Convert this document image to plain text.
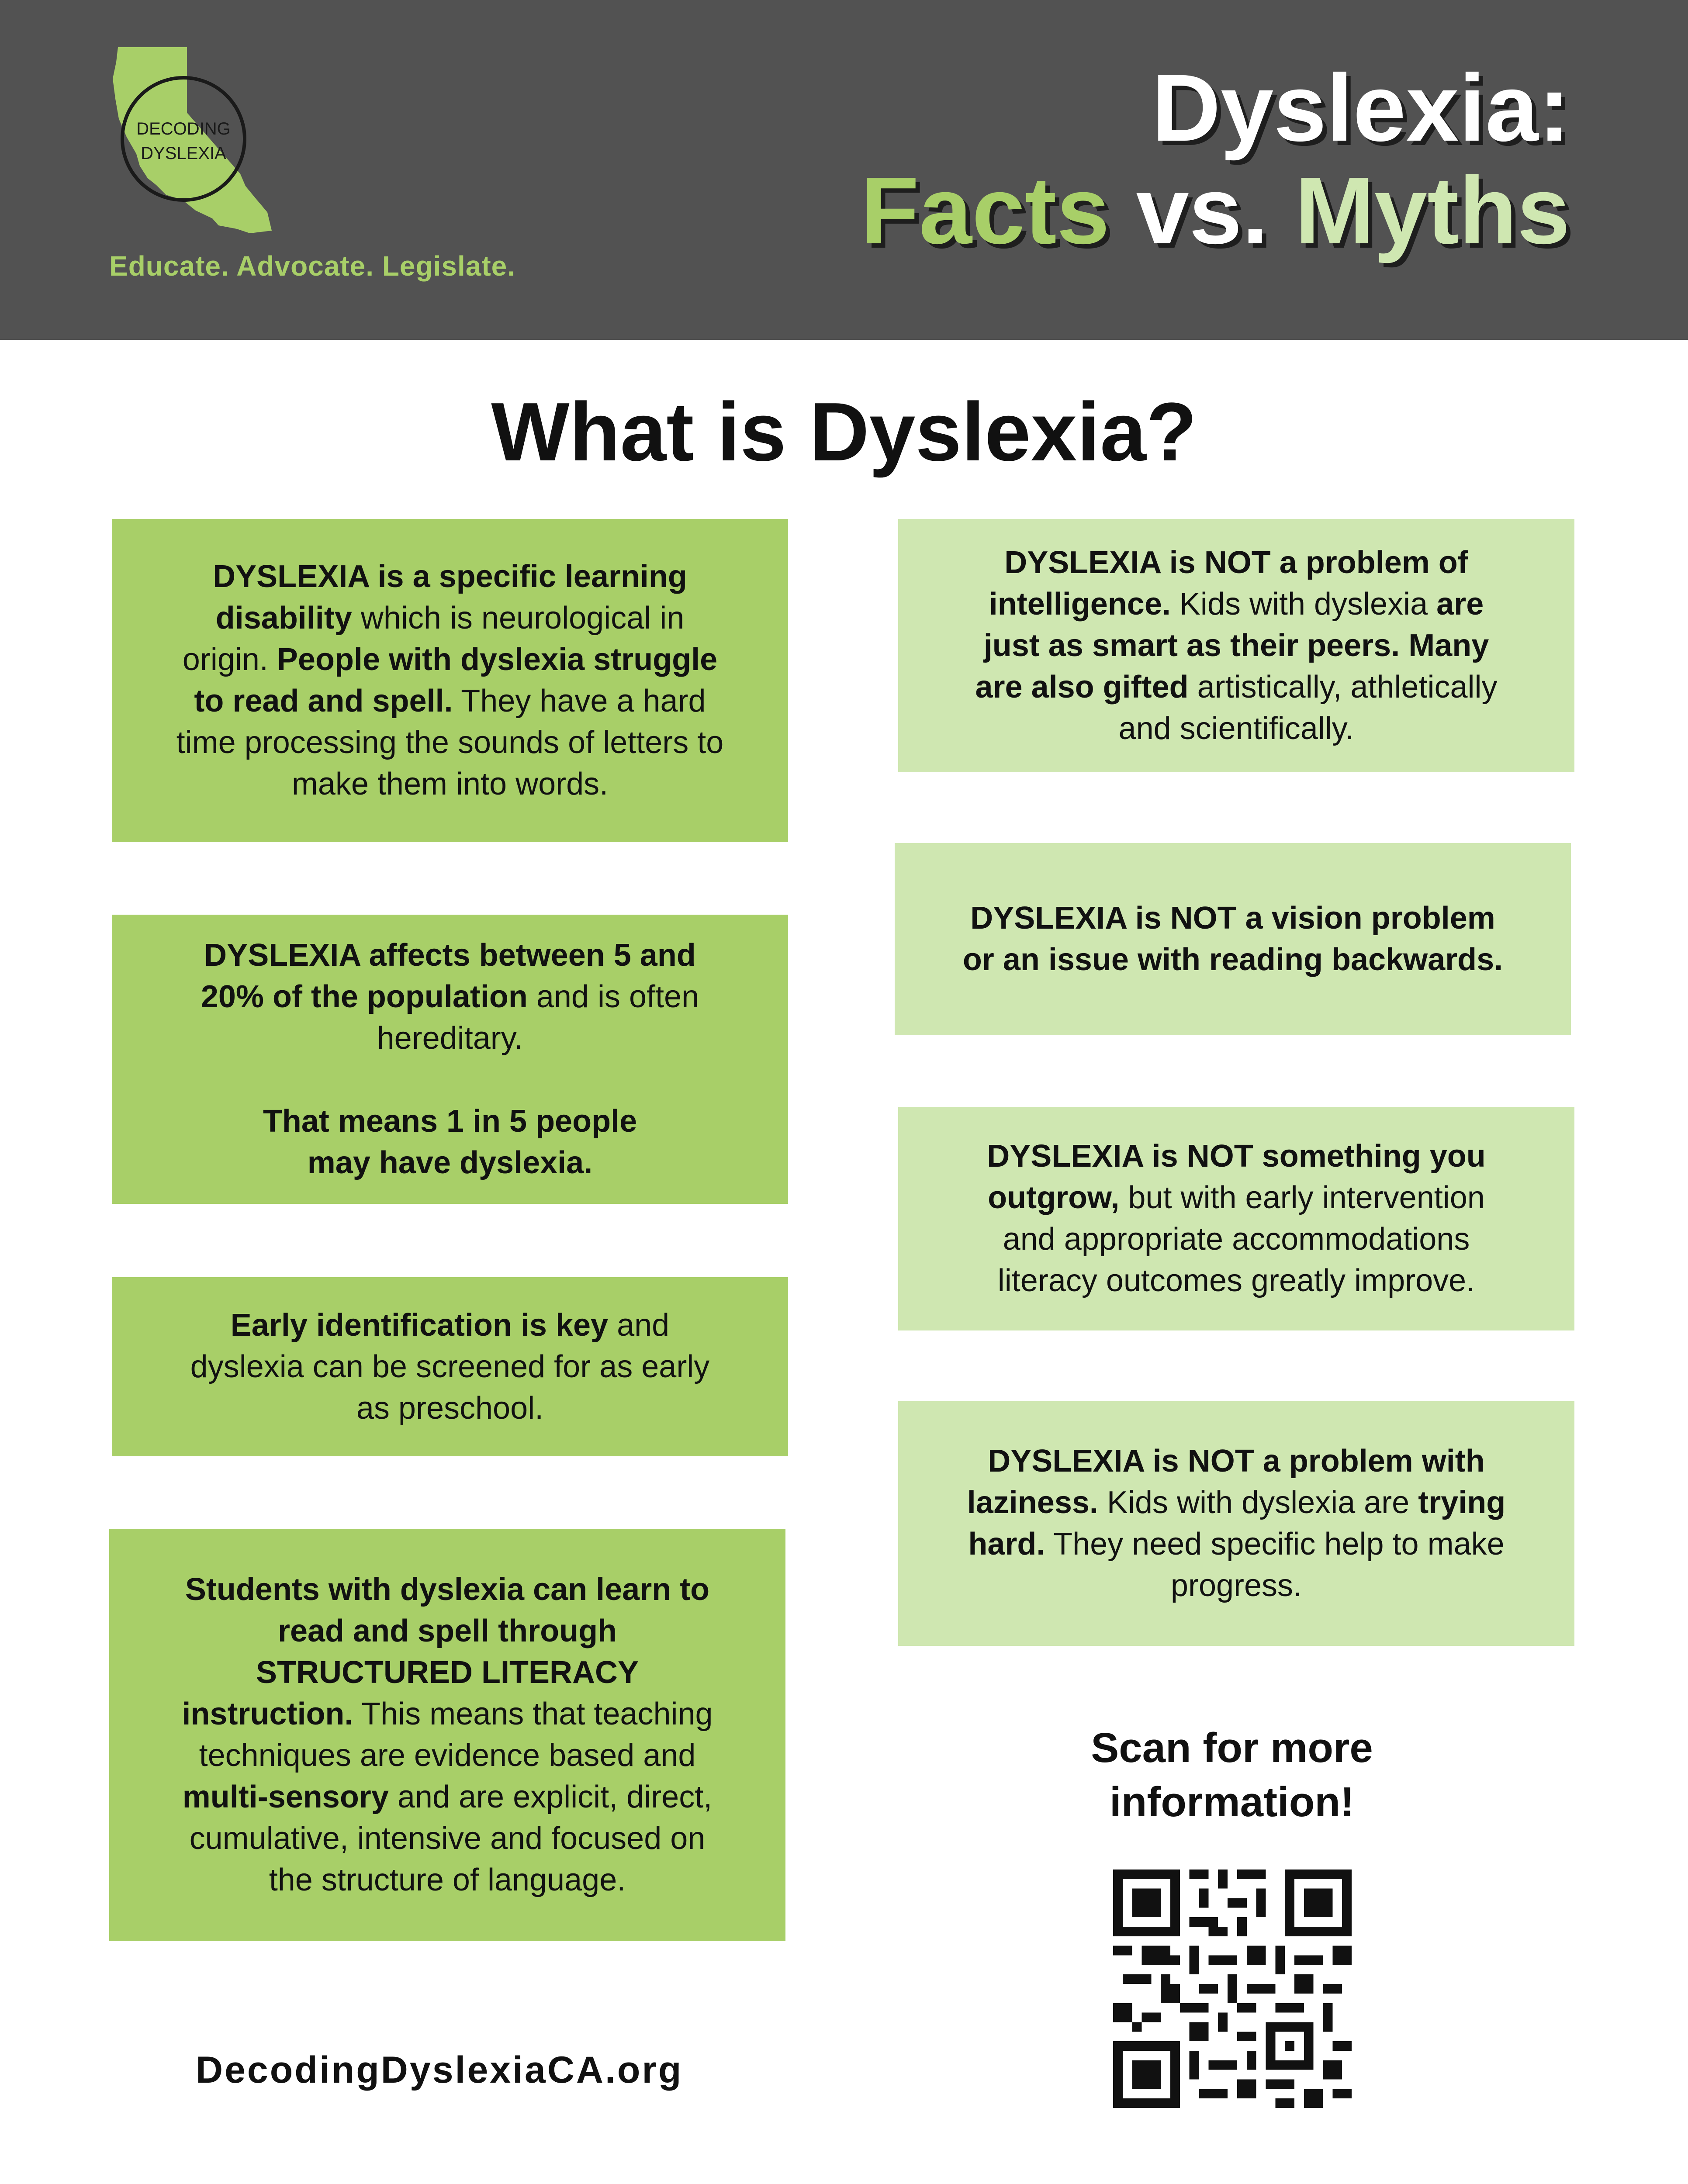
DECODING
DYSLEXIA
Educate. Advocate. Legislate.
Dyslexia:
Facts vs. Myths
What is Dyslexia?

DYSLEXIA is a specific learning disability which is neurological in origin. People with dyslexia struggle to read and spell. They have a hard time processing the sounds of letters to make them into words.

DYSLEXIA affects between 5 and 20% of the population and is often hereditary.

That means 1 in 5 people may have dyslexia.

Early identification is key and dyslexia can be screened for as early as preschool.

Students with dyslexia can learn to read and spell through STRUCTURED LITERACY instruction. This means that teaching techniques are evidence based and multi-sensory and are explicit, direct, cumulative, intensive and focused on the structure of language.

DYSLEXIA is NOT a problem of intelligence. Kids with dyslexia are just as smart as their peers. Many are also gifted artistically, athletically and scientifically.

DYSLEXIA is NOT a vision problem or an issue with reading backwards.

DYSLEXIA is NOT something you outgrow, but with early intervention and appropriate accommodations literacy outcomes greatly improve.

DYSLEXIA is NOT a problem with laziness. Kids with dyslexia are trying hard. They need specific help to make progress.

Scan for more information!
DecodingDyslexiaCA.org
